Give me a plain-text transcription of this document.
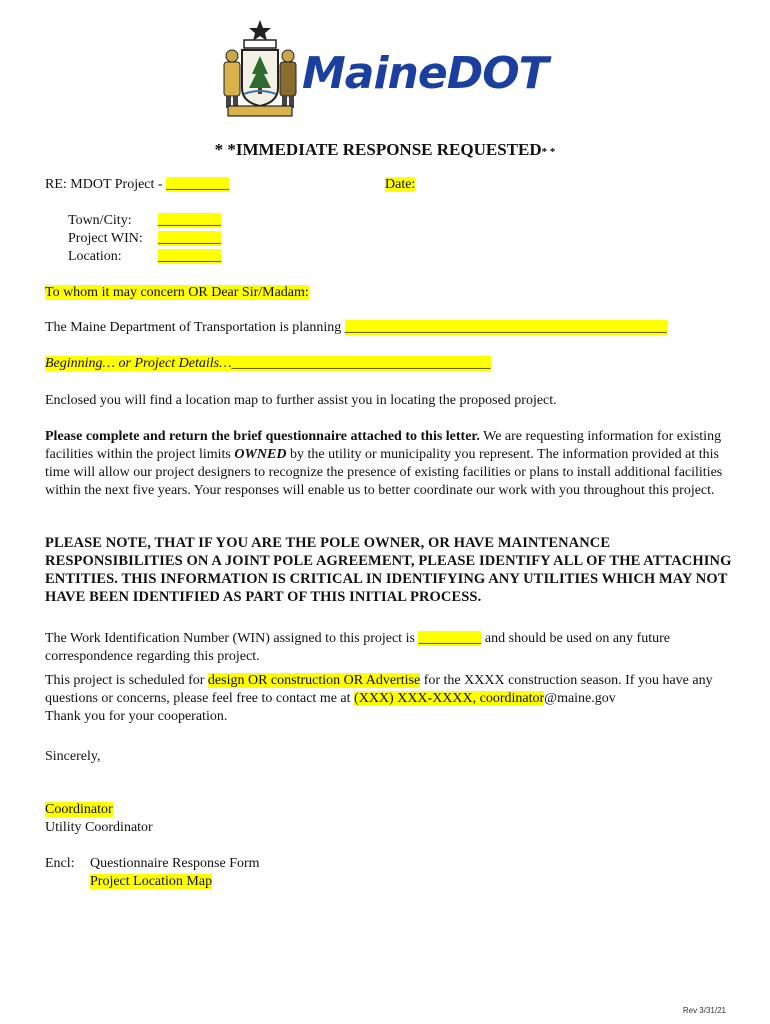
MaineDOT
* *IMMEDIATE RESPONSE REQUESTED* *
RE: MDOT Project - _________	Date:
Town/City: _________
Project WIN: _________
Location:	_________
To whom it may concern OR Dear Sir/Madam:
The Maine Department of Transportation is planning ______________________________________________
Beginning… or Project Details…_____________________________________
Enclosed you will find a location map to further assist you in locating the proposed project.
Please complete and return the brief questionnaire attached to this letter. We are requesting information for existing facilities within the project limits OWNED by the utility or municipality you represent. The information provided at this time will allow our project designers to recognize the presence of existing facilities or plans to install additional facilities within the next five years. Your responses will enable us to better coordinate our work with you throughout this project.
PLEASE NOTE, THAT IF YOU ARE THE POLE OWNER, OR HAVE MAINTENANCE RESPONSIBILITIES ON A JOINT POLE AGREEMENT, PLEASE IDENTIFY ALL OF THE ATTACHING ENTITIES. THIS INFORMATION IS CRITICAL IN IDENTIFYING ANY UTILITIES WHICH MAY NOT HAVE BEEN IDENTIFIED AS PART OF THIS INITIAL PROCESS.
The Work Identification Number (WIN) assigned to this project is _________ and should be used on any future correspondence regarding this project.
This project is scheduled for design OR construction OR Advertise for the XXXX construction season. If you have any questions or concerns, please feel free to contact me at (XXX) XXX-XXXX, coordinator@maine.gov
Thank you for your cooperation.
Sincerely,
Coordinator
Utility Coordinator
Encl: Questionnaire Response Form
Project Location Map
Rev 3/31/21
